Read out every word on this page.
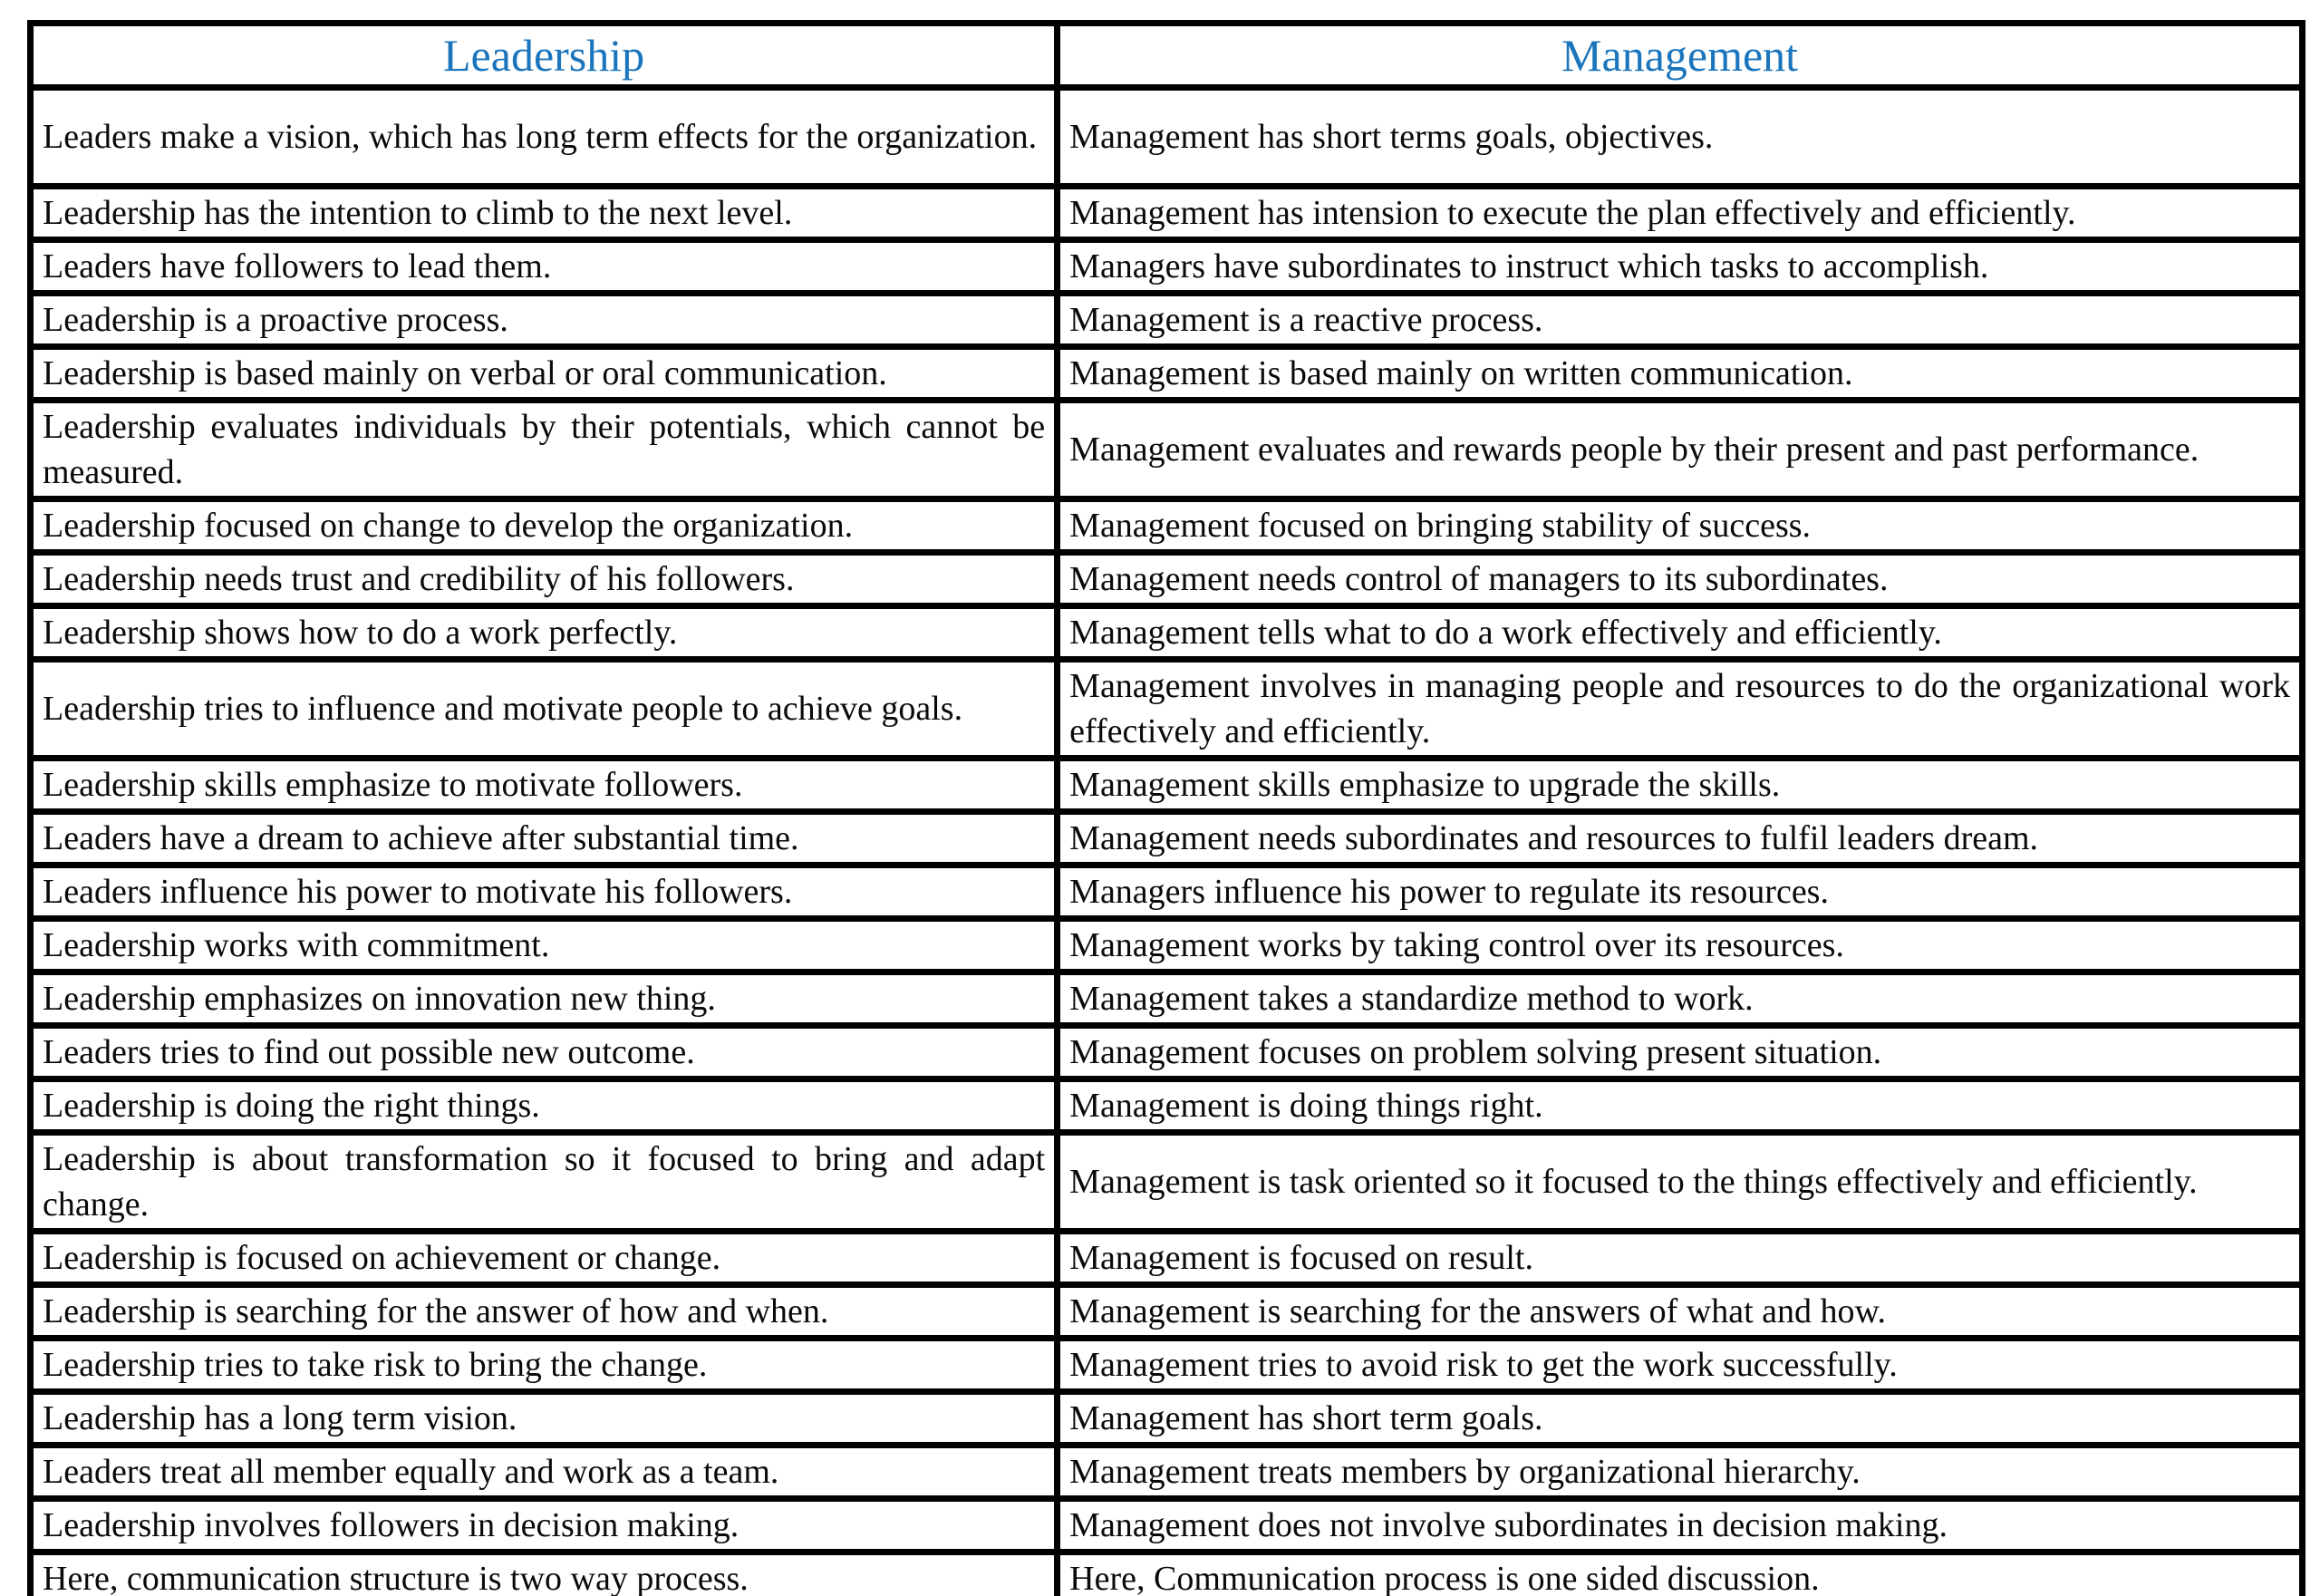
Leadership	Management
Leaders make a vision, which has long term effects for the organization.	Management has short terms goals, objectives.
Leadership has the intention to climb to the next level.	Management has intension to execute the plan effectively and efficiently.
Leaders have followers to lead them.	Managers have subordinates to instruct which tasks to accomplish.
Leadership is a proactive process.	Management is a reactive process.
Leadership is based mainly on verbal or oral communication.	Management is based mainly on written communication.
Leadership evaluates individuals by their potentials, which cannot be measured.	Management evaluates and rewards people by their present and past performance.
Leadership focused on change to develop the organization.	Management focused on bringing stability of success.
Leadership needs trust and credibility of his followers.	Management needs control of managers to its subordinates.
Leadership shows how to do a work perfectly.	Management tells what to do a work effectively and efficiently.
Leadership tries to influence and motivate people to achieve goals.	Management involves in managing people and resources to do the organizational work effectively and efficiently.
Leadership skills emphasize to motivate followers.	Management skills emphasize to upgrade the skills.
Leaders have a dream to achieve after substantial time.	Management needs subordinates and resources to fulfil leaders dream.
Leaders influence his power to motivate his followers.	Managers influence his power to regulate its resources.
Leadership works with commitment.	Management works by taking control over its resources.
Leadership emphasizes on innovation new thing.	Management takes a standardize method to work.
Leaders tries to find out possible new outcome.	Management focuses on problem solving present situation.
Leadership is doing the right things.	Management is doing things right.
Leadership is about transformation so it focused to bring and adapt change.	Management is task oriented so it focused to the things effectively and efficiently.
Leadership is focused on achievement or change.	Management is focused on result.
Leadership is searching for the answer of how and when.	Management is searching for the answers of what and how.
Leadership tries to take risk to bring the change.	Management tries to avoid risk to get the work successfully.
Leadership has a long term vision.	Management has short term goals.
Leaders treat all member equally and work as a team.	Management treats members by organizational hierarchy.
Leadership involves followers in decision making.	Management does not involve subordinates in decision making.
Here, communication structure is two way process.	Here, Communication process is one sided discussion.
